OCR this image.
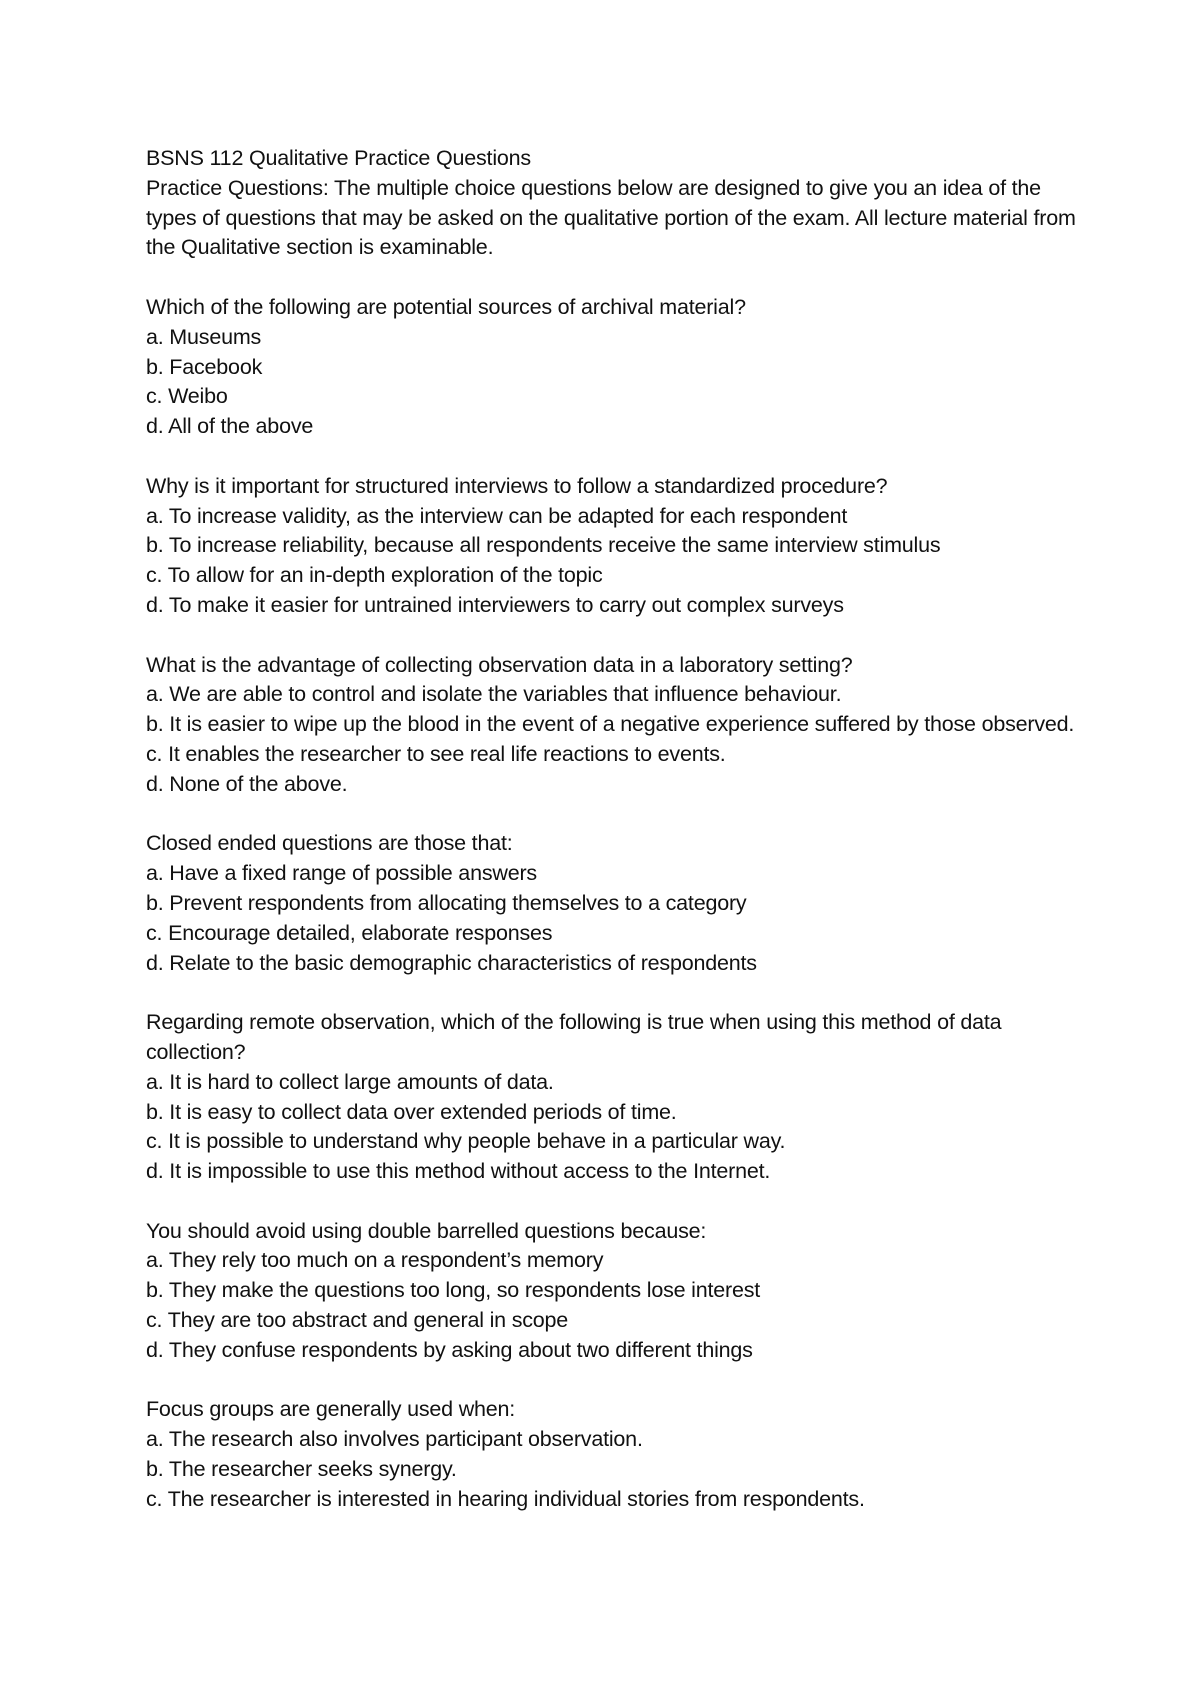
BSNS 112 Qualitative Practice Questions
Practice Questions: The multiple choice questions below are designed to give you an idea of the types of questions that may be asked on the qualitative portion of the exam. All lecture material from the Qualitative section is examinable.
Which of the following are potential sources of archival material?
a. Museums
b. Facebook
c. Weibo
d. All of the above
Why is it important for structured interviews to follow a standardized procedure?
a. To increase validity, as the interview can be adapted for each respondent
b. To increase reliability, because all respondents receive the same interview stimulus
c. To allow for an in-depth exploration of the topic
d. To make it easier for untrained interviewers to carry out complex surveys
What is the advantage of collecting observation data in a laboratory setting?
a. We are able to control and isolate the variables that influence behaviour.
b. It is easier to wipe up the blood in the event of a negative experience suffered by those observed.
c. It enables the researcher to see real life reactions to events.
d. None of the above.
Closed ended questions are those that:
a. Have a fixed range of possible answers
b. Prevent respondents from allocating themselves to a category
c. Encourage detailed, elaborate responses
d. Relate to the basic demographic characteristics of respondents
Regarding remote observation, which of the following is true when using this method of data collection?
a. It is hard to collect large amounts of data.
b. It is easy to collect data over extended periods of time.
c. It is possible to understand why people behave in a particular way.
d. It is impossible to use this method without access to the Internet.
You should avoid using double barrelled questions because:
a. They rely too much on a respondent’s memory
b. They make the questions too long, so respondents lose interest
c. They are too abstract and general in scope
d. They confuse respondents by asking about two different things
Focus groups are generally used when:
a. The research also involves participant observation.
b. The researcher seeks synergy.
c. The researcher is interested in hearing individual stories from respondents.
